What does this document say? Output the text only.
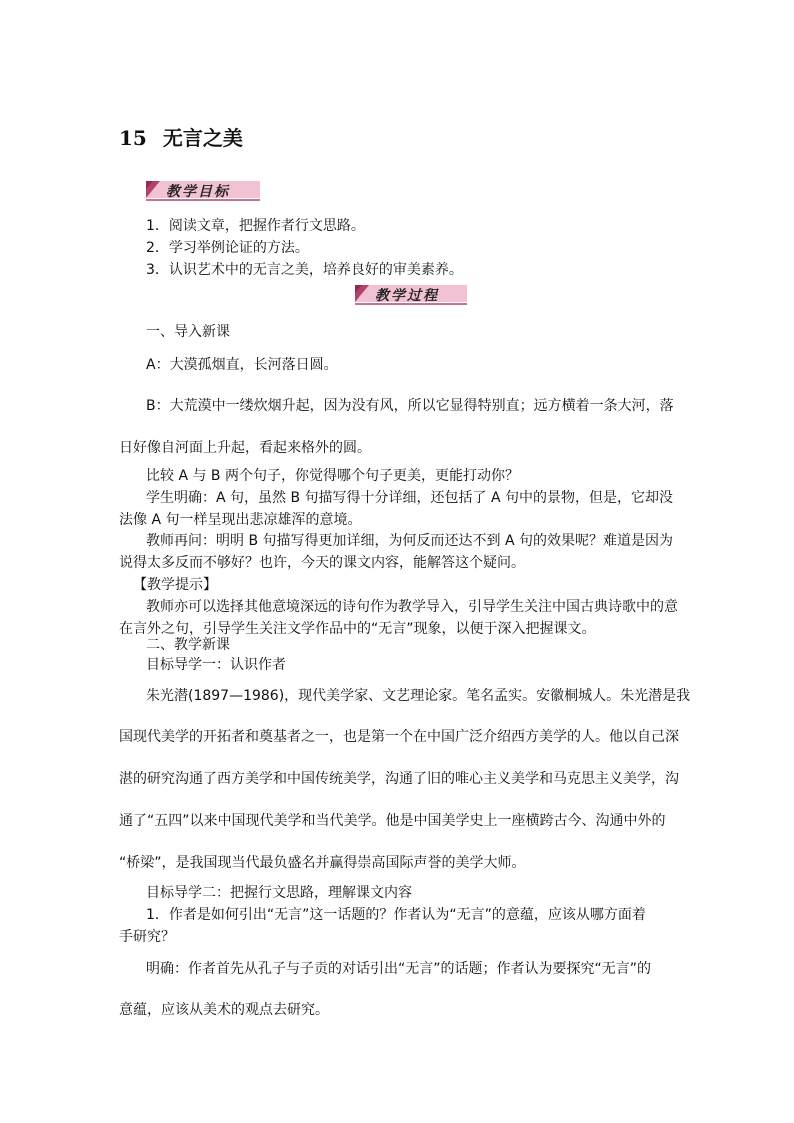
15 无言之美
教学目标
1．阅读文章，把握作者行文思路。
2．学习举例论证的方法。
3．认识艺术中的无言之美，培养良好的审美素养。
教学过程
一、导入新课
A：大漠孤烟直，长河落日圆。
B：大荒漠中一缕炊烟升起，因为没有风，所以它显得特别直；远方横着一条大河，落
日好像自河面上升起，看起来格外的圆。
比较 A 与 B 两个句子，你觉得哪个句子更美，更能打动你？
学生明确：A 句，虽然 B 句描写得十分详细，还包括了 A 句中的景物，但是，它却没
法像 A 句一样呈现出悲凉雄浑的意境。
教师再问：明明 B 句描写得更加详细，为何反而还达不到 A 句的效果呢？难道是因为
说得太多反而不够好？也许，今天的课文内容，能解答这个疑问。
【教学提示】
教师亦可以选择其他意境深远的诗句作为教学导入，引导学生关注中国古典诗歌中的意
在言外之句，引导学生关注文学作品中的“无言”现象，以便于深入把握课文。
二、教学新课
目标导学一：认识作者
朱光潜(1897—1986)，现代美学家、文艺理论家。笔名孟实。安徽桐城人。朱光潜是我
国现代美学的开拓者和奠基者之一，也是第一个在中国广泛介绍西方美学的人。他以自己深
湛的研究沟通了西方美学和中国传统美学，沟通了旧的唯心主义美学和马克思主义美学，沟
通了“五四”以来中国现代美学和当代美学。他是中国美学史上一座横跨古今、沟通中外的
“桥梁”，是我国现当代最负盛名并赢得崇高国际声誉的美学大师。
目标导学二：把握行文思路，理解课文内容
1．作者是如何引出“无言”这一话题的？作者认为“无言”的意蕴，应该从哪方面着
手研究？
明确：作者首先从孔子与子贡的对话引出“无言”的话题；作者认为要探究“无言”的
意蕴，应该从美术的观点去研究。
